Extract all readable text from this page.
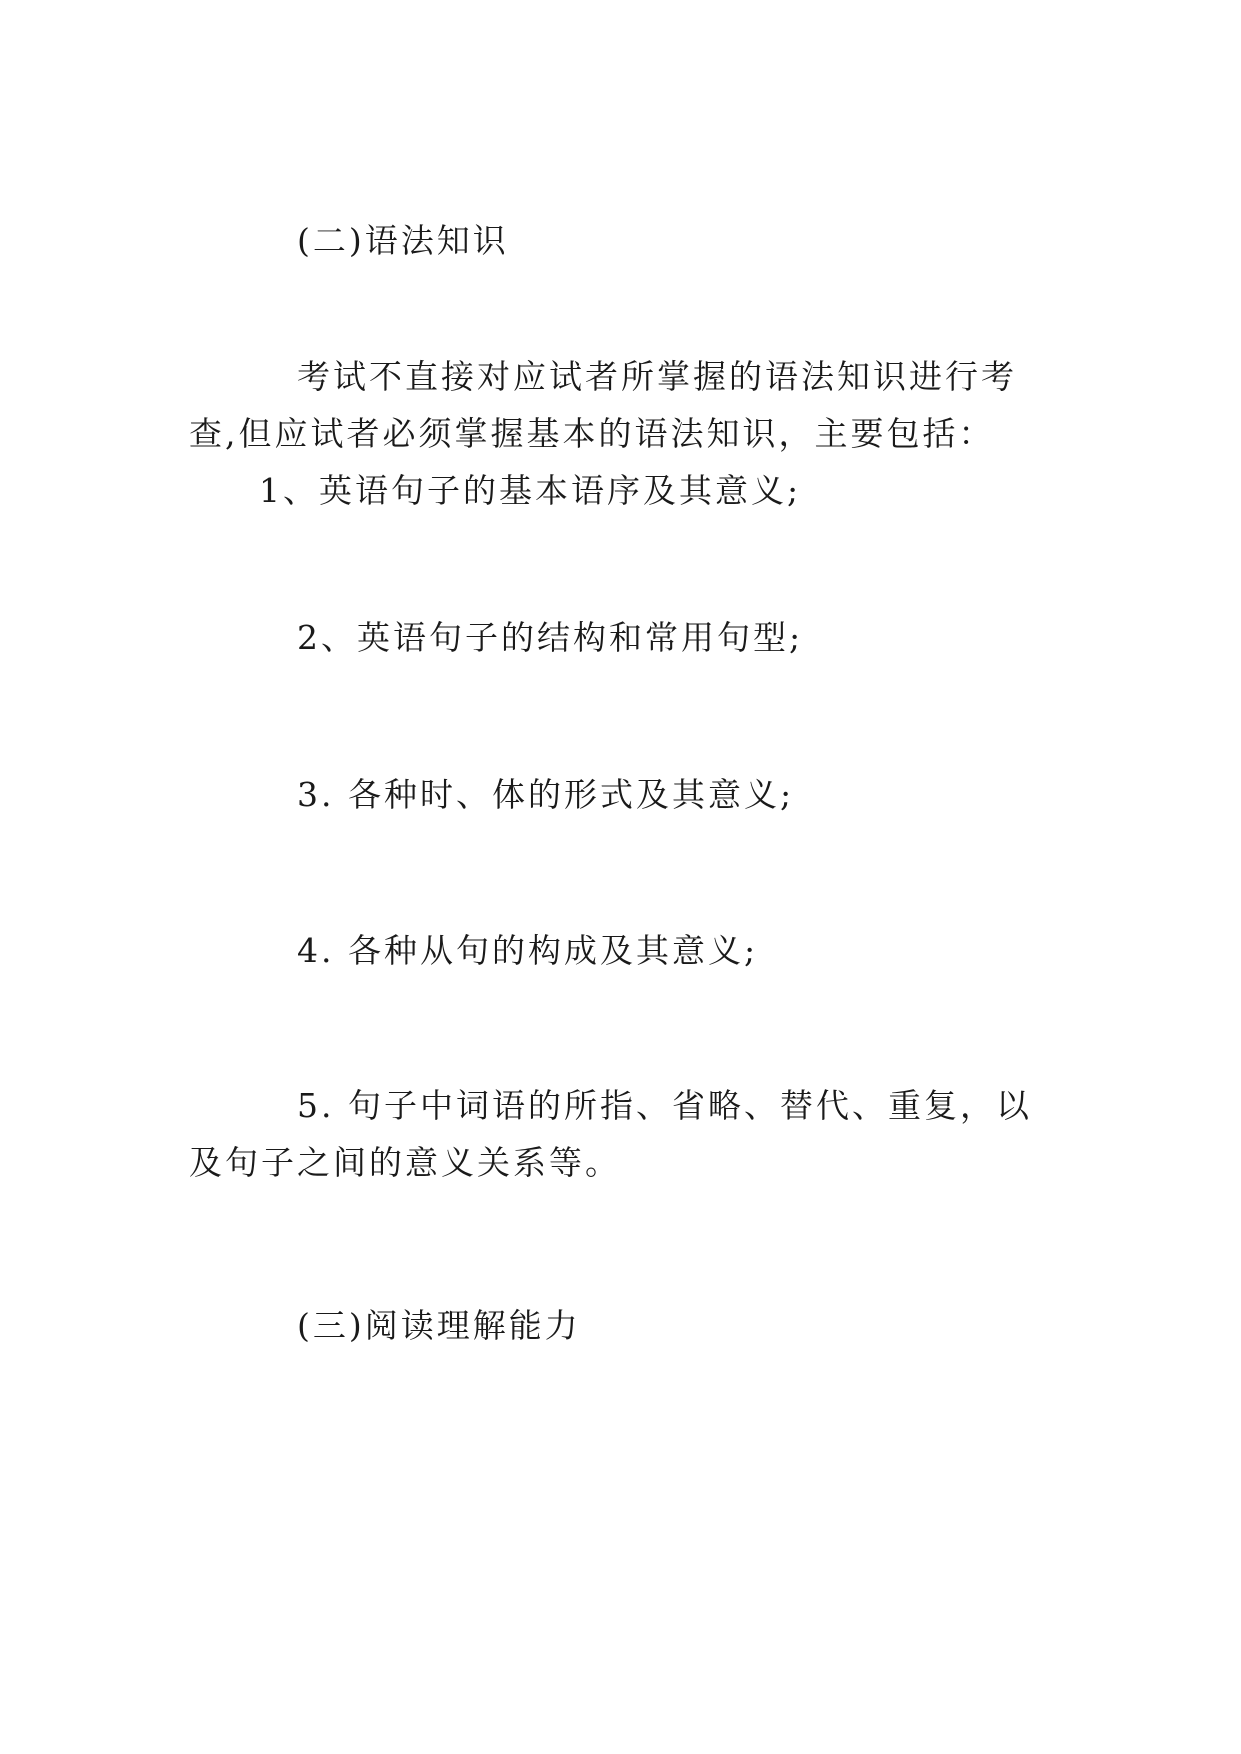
(二)语法知识

考试不直接对应试者所掌握的语法知识进行考查,但应试者必须掌握基本的语法知识，主要包括：1、英语句子的基本语序及其意义;

2、英语句子的结构和常用句型;

3. 各种时、体的形式及其意义;

4. 各种从句的构成及其意义;

5. 句子中词语的所指、省略、替代、重复，以及句子之间的意义关系等。

(三)阅读理解能力
